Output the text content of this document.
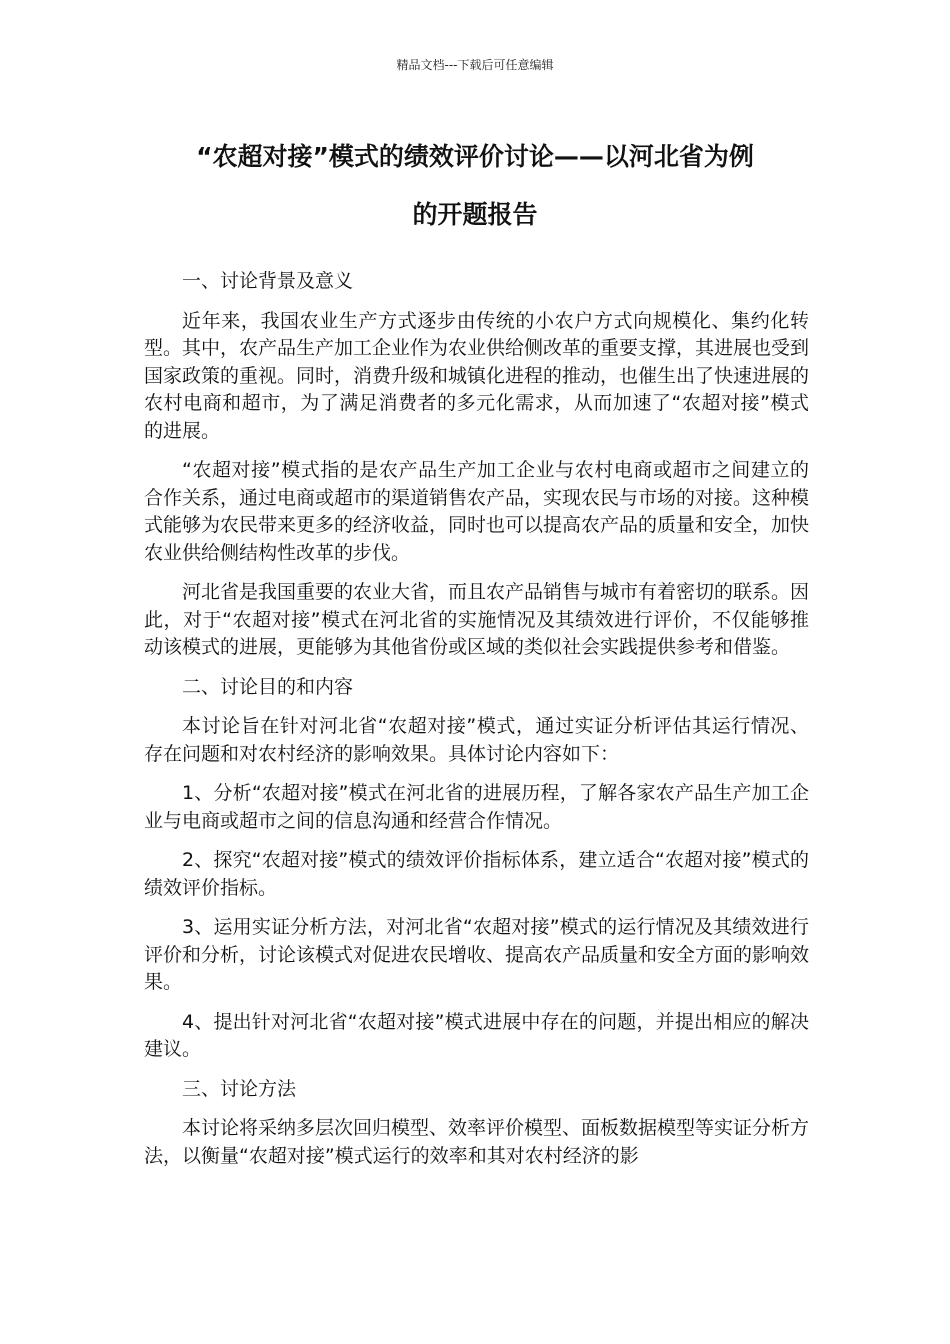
精品文档---下载后可任意编辑
“农超对接”模式的绩效评价讨论——以河北省为例
的开题报告

一、讨论背景及意义

近年来，我国农业生产方式逐步由传统的小农户方式向规模化、集约化转型。其中，农产品生产加工企业作为农业供给侧改革的重要支撑，其进展也受到国家政策的重视。同时，消费升级和城镇化进程的推动，也催生出了快速进展的农村电商和超市，为了满足消费者的多元化需求，从而加速了“农超对接”模式的进展。

“农超对接”模式指的是农产品生产加工企业与农村电商或超市之间建立的合作关系，通过电商或超市的渠道销售农产品，实现农民与市场的对接。这种模式能够为农民带来更多的经济收益，同时也可以提高农产品的质量和安全，加快农业供给侧结构性改革的步伐。

河北省是我国重要的农业大省，而且农产品销售与城市有着密切的联系。因此，对于“农超对接”模式在河北省的实施情况及其绩效进行评价，不仅能够推动该模式的进展，更能够为其他省份或区域的类似社会实践提供参考和借鉴。

二、讨论目的和内容

本讨论旨在针对河北省“农超对接”模式，通过实证分析评估其运行情况、存在问题和对农村经济的影响效果。具体讨论内容如下：

1、分析“农超对接”模式在河北省的进展历程，了解各家农产品生产加工企业与电商或超市之间的信息沟通和经营合作情况。

2、探究“农超对接”模式的绩效评价指标体系，建立适合“农超对接”模式的绩效评价指标。

3、运用实证分析方法，对河北省“农超对接”模式的运行情况及其绩效进行评价和分析，讨论该模式对促进农民增收、提高农产品质量和安全方面的影响效果。

4、提出针对河北省“农超对接”模式进展中存在的问题，并提出相应的解决建议。

三、讨论方法

本讨论将采纳多层次回归模型、效率评价模型、面板数据模型等实证分析方法，以衡量“农超对接”模式运行的效率和其对农村经济的影
